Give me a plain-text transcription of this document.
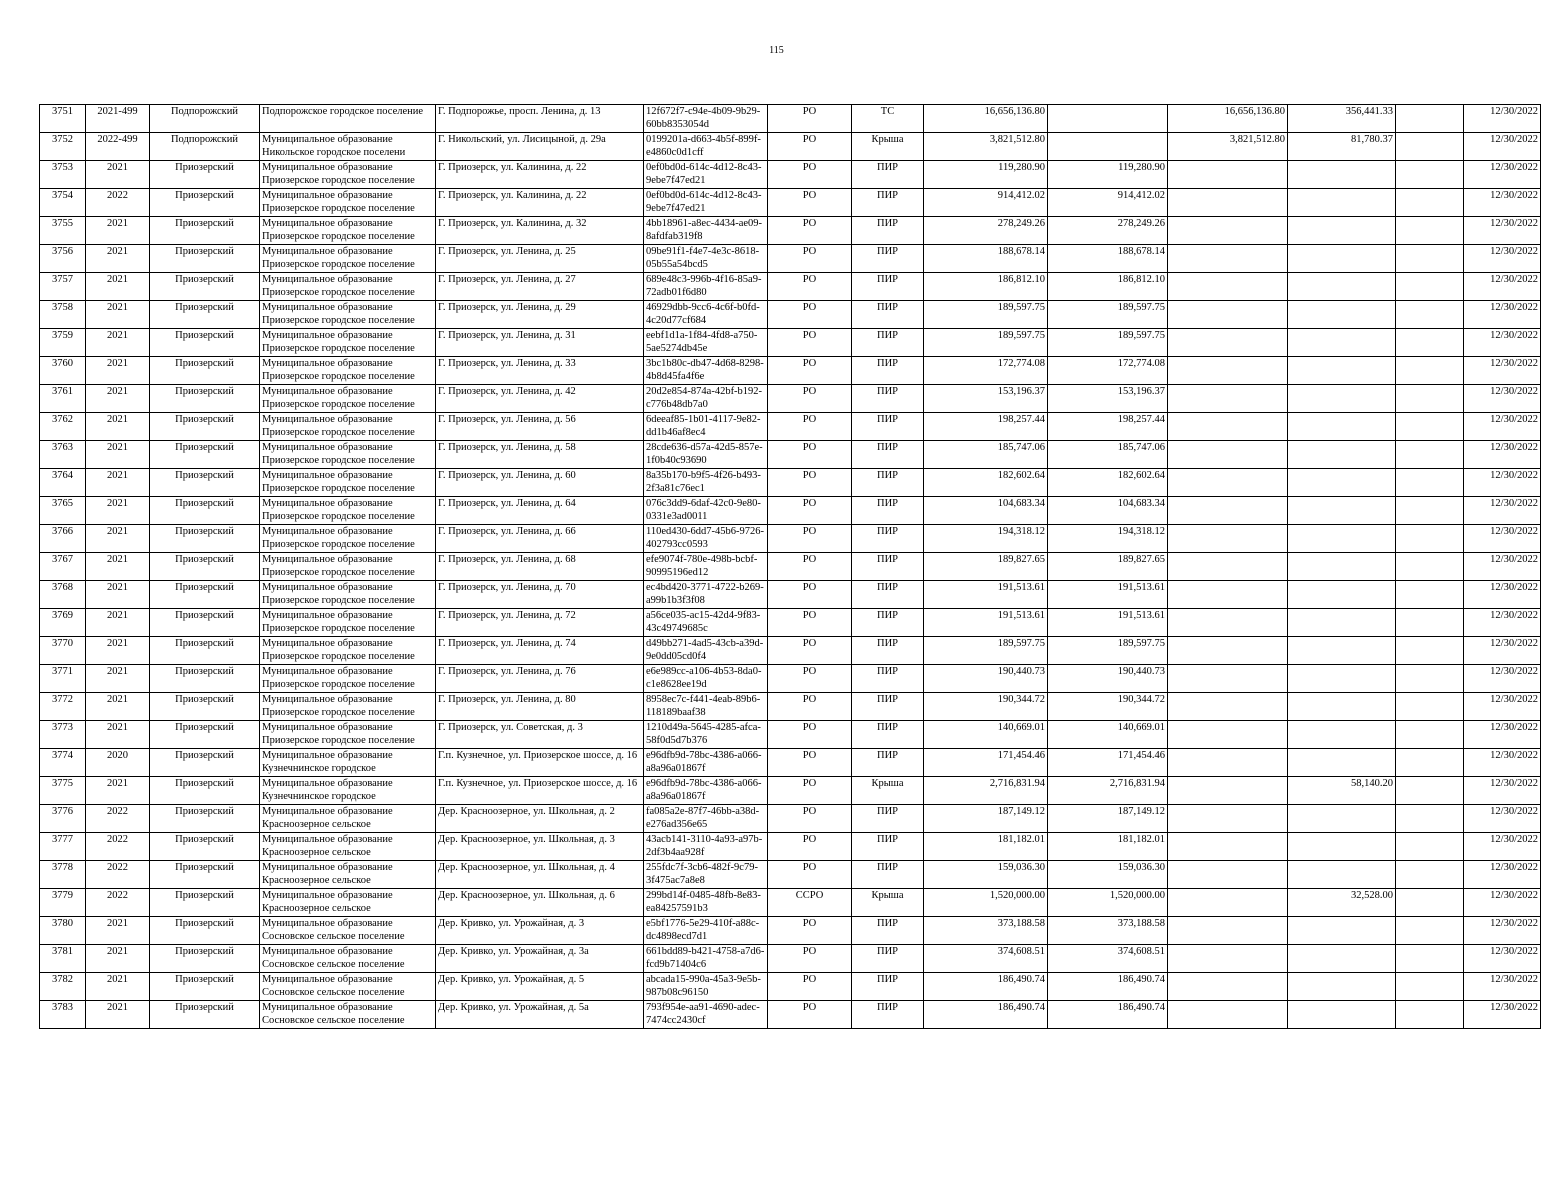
115
3751	2021-499	Подпорожский	Подпорожское городское поселение	Г. Подпорожье, просп. Ленина, д. 13	12f672f7-c94e-4b09-9b29-60bb8353054d	РО	ТС	16,656,136.80		16,656,136.80	356,441.33		12/30/2022
3752	2022-499	Подпорожский	Муниципальное образование Никольское городское поселени	Г. Никольский, ул. Лисицыной, д. 29а	0199201a-d663-4b5f-899f-e4860c0d1cff	РО	Крыша	3,821,512.80		3,821,512.80	81,780.37		12/30/2022
3753	2021	Приозерский	Муниципальное образование Приозерское городское поселение	Г. Приозерск, ул. Калинина, д. 22	0ef0bd0d-614c-4d12-8c43-9ebe7f47ed21	РО	ПИР	119,280.90	119,280.90				12/30/2022
3754	2022	Приозерский	Муниципальное образование Приозерское городское поселение	Г. Приозерск, ул. Калинина, д. 22	0ef0bd0d-614c-4d12-8c43-9ebe7f47ed21	РО	ПИР	914,412.02	914,412.02				12/30/2022
3755	2021	Приозерский	Муниципальное образование Приозерское городское поселение	Г. Приозерск, ул. Калинина, д. 32	4bb18961-a8ec-4434-ae09-8afdfab319f8	РО	ПИР	278,249.26	278,249.26				12/30/2022
3756	2021	Приозерский	Муниципальное образование Приозерское городское поселение	Г. Приозерск, ул. Ленина, д. 25	09be91f1-f4e7-4e3c-8618-05b55a54bcd5	РО	ПИР	188,678.14	188,678.14				12/30/2022
3757	2021	Приозерский	Муниципальное образование Приозерское городское поселение	Г. Приозерск, ул. Ленина, д. 27	689e48c3-996b-4f16-85a9-72adb01f6d80	РО	ПИР	186,812.10	186,812.10				12/30/2022
3758	2021	Приозерский	Муниципальное образование Приозерское городское поселение	Г. Приозерск, ул. Ленина, д. 29	46929dbb-9cc6-4c6f-b0fd-4c20d77cf684	РО	ПИР	189,597.75	189,597.75				12/30/2022
3759	2021	Приозерский	Муниципальное образование Приозерское городское поселение	Г. Приозерск, ул. Ленина, д. 31	eebf1d1a-1f84-4fd8-a750-5ae5274db45e	РО	ПИР	189,597.75	189,597.75				12/30/2022
3760	2021	Приозерский	Муниципальное образование Приозерское городское поселение	Г. Приозерск, ул. Ленина, д. 33	3bc1b80c-db47-4d68-8298-4b8d45fa4f6e	РО	ПИР	172,774.08	172,774.08				12/30/2022
3761	2021	Приозерский	Муниципальное образование Приозерское городское поселение	Г. Приозерск, ул. Ленина, д. 42	20d2e854-874a-42bf-b192-c776b48db7a0	РО	ПИР	153,196.37	153,196.37				12/30/2022
3762	2021	Приозерский	Муниципальное образование Приозерское городское поселение	Г. Приозерск, ул. Ленина, д. 56	6deeaf85-1b01-4117-9e82-dd1b46af8ec4	РО	ПИР	198,257.44	198,257.44				12/30/2022
3763	2021	Приозерский	Муниципальное образование Приозерское городское поселение	Г. Приозерск, ул. Ленина, д. 58	28cde636-d57a-42d5-857e-1f0b40c93690	РО	ПИР	185,747.06	185,747.06				12/30/2022
3764	2021	Приозерский	Муниципальное образование Приозерское городское поселение	Г. Приозерск, ул. Ленина, д. 60	8a35b170-b9f5-4f26-b493-2f3a81c76ec1	РО	ПИР	182,602.64	182,602.64				12/30/2022
3765	2021	Приозерский	Муниципальное образование Приозерское городское поселение	Г. Приозерск, ул. Ленина, д. 64	076c3dd9-6daf-42c0-9e80-0331e3ad0011	РО	ПИР	104,683.34	104,683.34				12/30/2022
3766	2021	Приозерский	Муниципальное образование Приозерское городское поселение	Г. Приозерск, ул. Ленина, д. 66	110ed430-6dd7-45b6-9726-402793cc0593	РО	ПИР	194,318.12	194,318.12				12/30/2022
3767	2021	Приозерский	Муниципальное образование Приозерское городское поселение	Г. Приозерск, ул. Ленина, д. 68	efe9074f-780e-498b-bcbf-90995196ed12	РО	ПИР	189,827.65	189,827.65				12/30/2022
3768	2021	Приозерский	Муниципальное образование Приозерское городское поселение	Г. Приозерск, ул. Ленина, д. 70	ec4bd420-3771-4722-b269-a99b1b3f3f08	РО	ПИР	191,513.61	191,513.61				12/30/2022
3769	2021	Приозерский	Муниципальное образование Приозерское городское поселение	Г. Приозерск, ул. Ленина, д. 72	a56ce035-ac15-42d4-9f83-43c49749685c	РО	ПИР	191,513.61	191,513.61				12/30/2022
3770	2021	Приозерский	Муниципальное образование Приозерское городское поселение	Г. Приозерск, ул. Ленина, д. 74	d49bb271-4ad5-43cb-a39d-9e0dd05cd0f4	РО	ПИР	189,597.75	189,597.75				12/30/2022
3771	2021	Приозерский	Муниципальное образование Приозерское городское поселение	Г. Приозерск, ул. Ленина, д. 76	e6e989cc-a106-4b53-8da0-c1e8628ee19d	РО	ПИР	190,440.73	190,440.73				12/30/2022
3772	2021	Приозерский	Муниципальное образование Приозерское городское поселение	Г. Приозерск, ул. Ленина, д. 80	8958ec7c-f441-4eab-89b6-118189baaf38	РО	ПИР	190,344.72	190,344.72				12/30/2022
3773	2021	Приозерский	Муниципальное образование Приозерское городское поселение	Г. Приозерск, ул. Советская, д. 3	1210d49a-5645-4285-afca-58f0d5d7b376	РО	ПИР	140,669.01	140,669.01				12/30/2022
3774	2020	Приозерский	Муниципальное образование Кузнечнинское городское	Г.п. Кузнечное, ул. Приозерское шоссе, д. 16	e96dfb9d-78bc-4386-a066-a8a96a01867f	РО	ПИР	171,454.46	171,454.46				12/30/2022
3775	2021	Приозерский	Муниципальное образование Кузнечнинское городское	Г.п. Кузнечное, ул. Приозерское шоссе, д. 16	e96dfb9d-78bc-4386-a066-a8a96a01867f	РО	Крыша	2,716,831.94	2,716,831.94		58,140.20		12/30/2022
3776	2022	Приозерский	Муниципальное образование Красноозерное сельское	Дер. Красноозерное, ул. Школьная, д. 2	fa085a2e-87f7-46bb-a38d-e276ad356e65	РО	ПИР	187,149.12	187,149.12				12/30/2022
3777	2022	Приозерский	Муниципальное образование Красноозерное сельское	Дер. Красноозерное, ул. Школьная, д. 3	43acb141-3110-4a93-a97b-2df3b4aa928f	РО	ПИР	181,182.01	181,182.01				12/30/2022
3778	2022	Приозерский	Муниципальное образование Красноозерное сельское	Дер. Красноозерное, ул. Школьная, д. 4	255fdc7f-3cb6-482f-9c79-3f475ac7a8e8	РО	ПИР	159,036.30	159,036.30				12/30/2022
3779	2022	Приозерский	Муниципальное образование Красноозерное сельское	Дер. Красноозерное, ул. Школьная, д. 6	299bd14f-0485-48fb-8e83-ea84257591b3	ССРО	Крыша	1,520,000.00	1,520,000.00		32,528.00		12/30/2022
3780	2021	Приозерский	Муниципальное образование Сосновское сельское поселение	Дер. Кривко, ул. Урожайная, д. 3	e5bf1776-5e29-410f-a88c-dc4898ecd7d1	РО	ПИР	373,188.58	373,188.58				12/30/2022
3781	2021	Приозерский	Муниципальное образование Сосновское сельское поселение	Дер. Кривко, ул. Урожайная, д. 3а	661bdd89-b421-4758-a7d6-fcd9b71404c6	РО	ПИР	374,608.51	374,608.51				12/30/2022
3782	2021	Приозерский	Муниципальное образование Сосновское сельское поселение	Дер. Кривко, ул. Урожайная, д. 5	abcada15-990a-45a3-9e5b-987b08c96150	РО	ПИР	186,490.74	186,490.74				12/30/2022
3783	2021	Приозерский	Муниципальное образование Сосновское сельское поселение	Дер. Кривко, ул. Урожайная, д. 5а	793f954e-aa91-4690-adec-7474cc2430cf	РО	ПИР	186,490.74	186,490.74				12/30/2022
